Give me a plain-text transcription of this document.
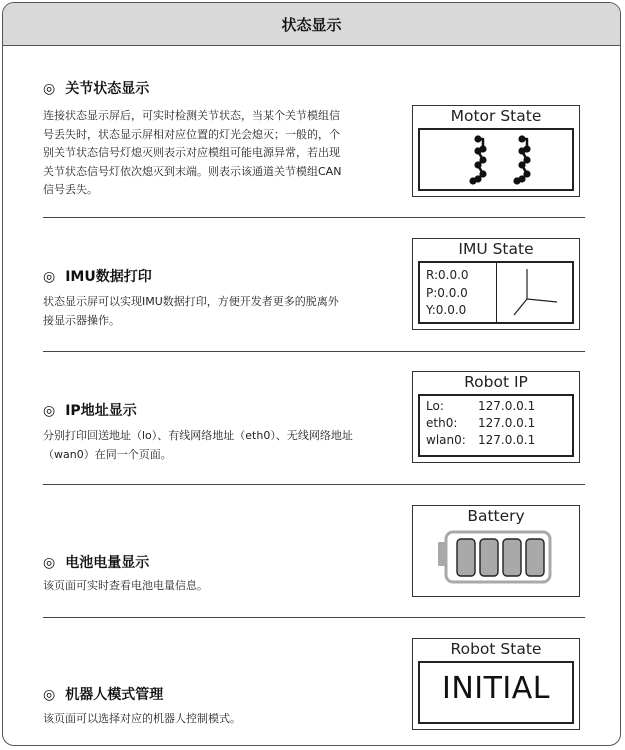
状态显示
◎ 关节状态显示
连接状态显示屏后，可实时检测关节状态，当某个关节模组信号丢失时，状态显示屏相对应位置的灯光会熄灭；一般的，个别关节状态信号灯熄灭则表示对应模组可能电源异常，若出现关节状态信号灯依次熄灭到末端。则表示该通道关节模组CAN信号丢失。
Motor State
◎ IMU数据打印
状态显示屏可以实现IMU数据打印，方便开发者更多的脱离外接显示器操作。
IMU State
R:0.0.0
P:0.0.0
Y:0.0.0
◎ IP地址显示
分别打印回送地址（lo）、有线网络地址（eth0）、无线网络地址（wan0）在同一个页面。
Robot IP
Lo:	127.0.0.1
eth0: 127.0.0.1
wlan0: 127.0.0.1
◎ 电池电量显示
该页面可实时查看电池电量信息。
Battery
◎ 机器人模式管理
该页面可以选择对应的机器人控制模式。
Robot State
INITIAL
